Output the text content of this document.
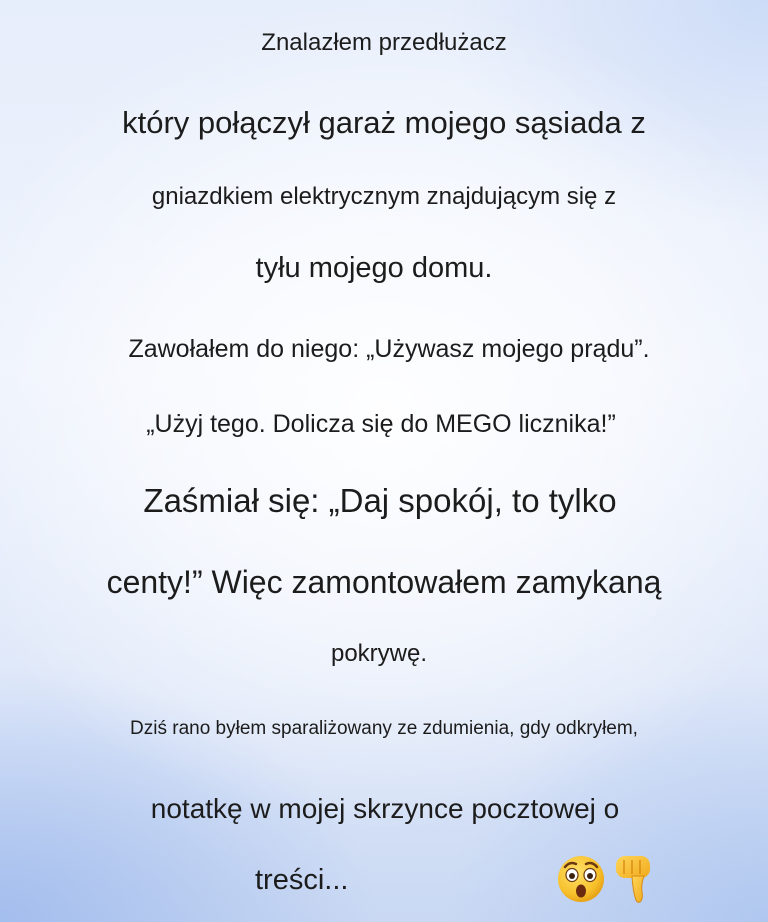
Znalazłem przedłużacz
który połączył garaż mojego sąsiada z
gniazdkiem elektrycznym znajdującym się z
tyłu mojego domu.
Zawołałem do niego: „Używasz mojego prądu”.
„Użyj tego. Dolicza się do MEGO licznika!”
Zaśmiał się: „Daj spokój, to tylko
centy!” Więc zamontowałem zamykaną
pokrywę.
Dziś rano byłem sparaliżowany ze zdumienia, gdy odkryłem,
notatkę w mojej skrzynce pocztowej o
treści...
